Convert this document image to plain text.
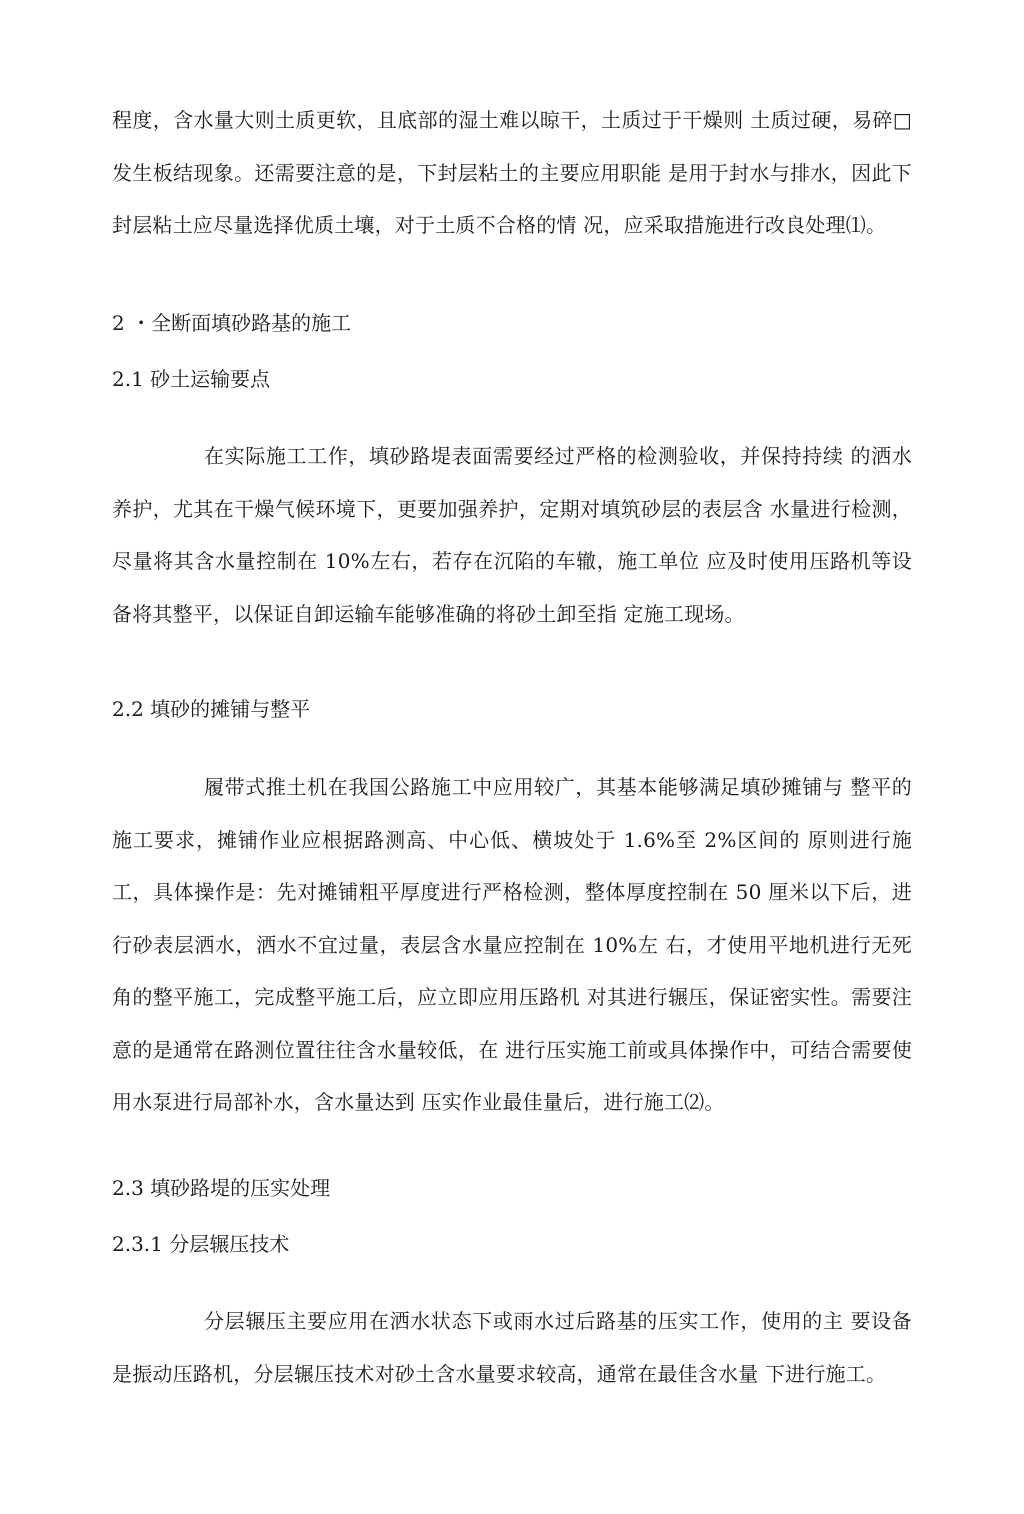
程度，含水量大则土质更软，且底部的湿土难以晾干，土质过于干燥则 土质过硬，易碎□发生板结现象。还需要注意的是，下封层粘土的主要应用职能 是用于封水与排水，因此下封层粘土应尽量选择优质土壤，对于土质不合格的情 况，应采取措施进行改良处理⑴。

2 ・全断面填砂路基的施工
2.1 砂土运输要点

在实际施工工作，填砂路堤表面需要经过严格的检测验收，并保持持续 的洒水养护，尤其在干燥气候环境下，更要加强养护，定期对填筑砂层的表层含 水量进行检测，尽量将其含水量控制在 10%左右，若存在沉陷的车辙，施工单位 应及时使用压路机等设备将其整平，以保证自卸运输车能够准确的将砂土卸至指 定施工现场。

2.2 填砂的摊铺与整平

履带式推土机在我国公路施工中应用较广，其基本能够满足填砂摊铺与 整平的施工要求，摊铺作业应根据路测高、中心低、横坡处于 1.6%至 2%区间的 原则进行施工，具体操作是：先对摊铺粗平厚度进行严格检测，整体厚度控制在 50 厘米以下后，进行砂表层洒水，洒水不宜过量，表层含水量应控制在 10%左 右，才使用平地机进行无死角的整平施工，完成整平施工后，应立即应用压路机 对其进行辗压，保证密实性。需要注意的是通常在路测位置往往含水量较低，在 进行压实施工前或具体操作中，可结合需要使用水泵进行局部补水，含水量达到 压实作业最佳量后，进行施工⑵。

2.3 填砂路堤的压实处理
2.3.1 分层辗压技术

分层辗压主要应用在洒水状态下或雨水过后路基的压实工作，使用的主 要设备是振动压路机，分层辗压技术对砂土含水量要求较高，通常在最佳含水量 下进行施工。
